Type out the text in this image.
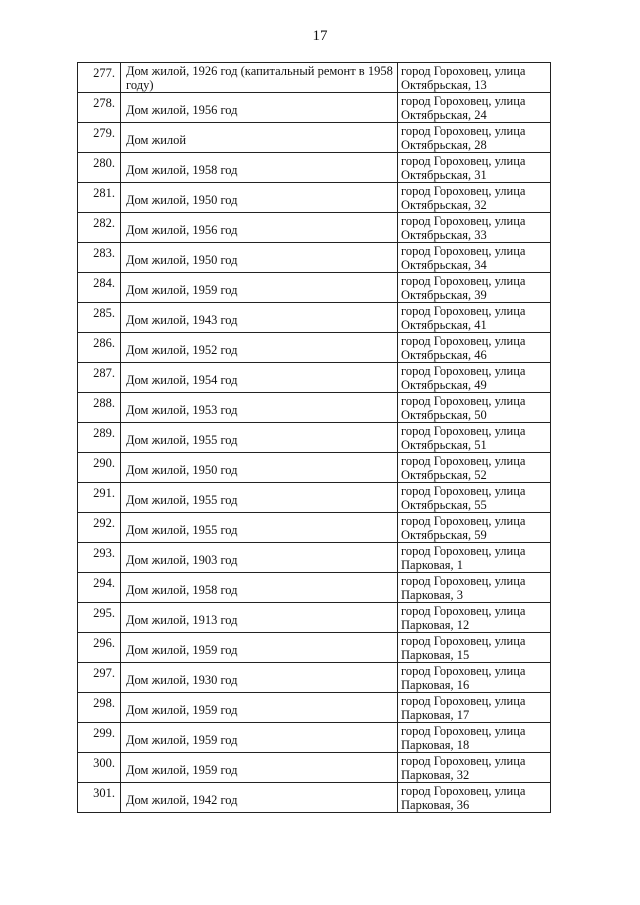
17
277.	Дом жилой, 1926 год (капитальный ремонт в 1958 году)	город Гороховец, улица
Октябрьская, 13

278.	Дом жилой, 1956 год	город Гороховец, улица
Октябрьская, 24

279.	Дом жилой	город Гороховец, улица
Октябрьская, 28

280.	Дом жилой, 1958 год	город Гороховец, улица
Октябрьская, 31

281.	Дом жилой, 1950 год	город Гороховец, улица
Октябрьская, 32

282.	Дом жилой, 1956 год	город Гороховец, улица
Октябрьская, 33

283.	Дом жилой, 1950 год	город Гороховец, улица
Октябрьская, 34

284.	Дом жилой, 1959 год	город Гороховец, улица
Октябрьская, 39

285.	Дом жилой, 1943 год	город Гороховец, улица
Октябрьская, 41

286.	Дом жилой, 1952 год	город Гороховец, улица
Октябрьская, 46

287.	Дом жилой, 1954 год	город Гороховец, улица
Октябрьская, 49

288.	Дом жилой, 1953 год	город Гороховец, улица
Октябрьская, 50

289.	Дом жилой, 1955 год	город Гороховец, улица
Октябрьская, 51

290.	Дом жилой, 1950 год	город Гороховец, улица
Октябрьская, 52

291.	Дом жилой, 1955 год	город Гороховец, улица
Октябрьская, 55

292.	Дом жилой, 1955 год	город Гороховец, улица
Октябрьская, 59

293.	Дом жилой, 1903 год	город Гороховец, улица
Парковая, 1

294.	Дом жилой, 1958 год	город Гороховец, улица
Парковая, 3

295.	Дом жилой, 1913 год	город Гороховец, улица
Парковая, 12

296.	Дом жилой, 1959 год	город Гороховец, улица
Парковая, 15

297.	Дом жилой, 1930 год	город Гороховец, улица
Парковая, 16

298.	Дом жилой, 1959 год	город Гороховец, улица
Парковая, 17

299.	Дом жилой, 1959 год	город Гороховец, улица
Парковая, 18

300.	Дом жилой, 1959 год	город Гороховец, улица
Парковая, 32

301.	Дом жилой, 1942 год	город Гороховец, улица
Парковая, 36
